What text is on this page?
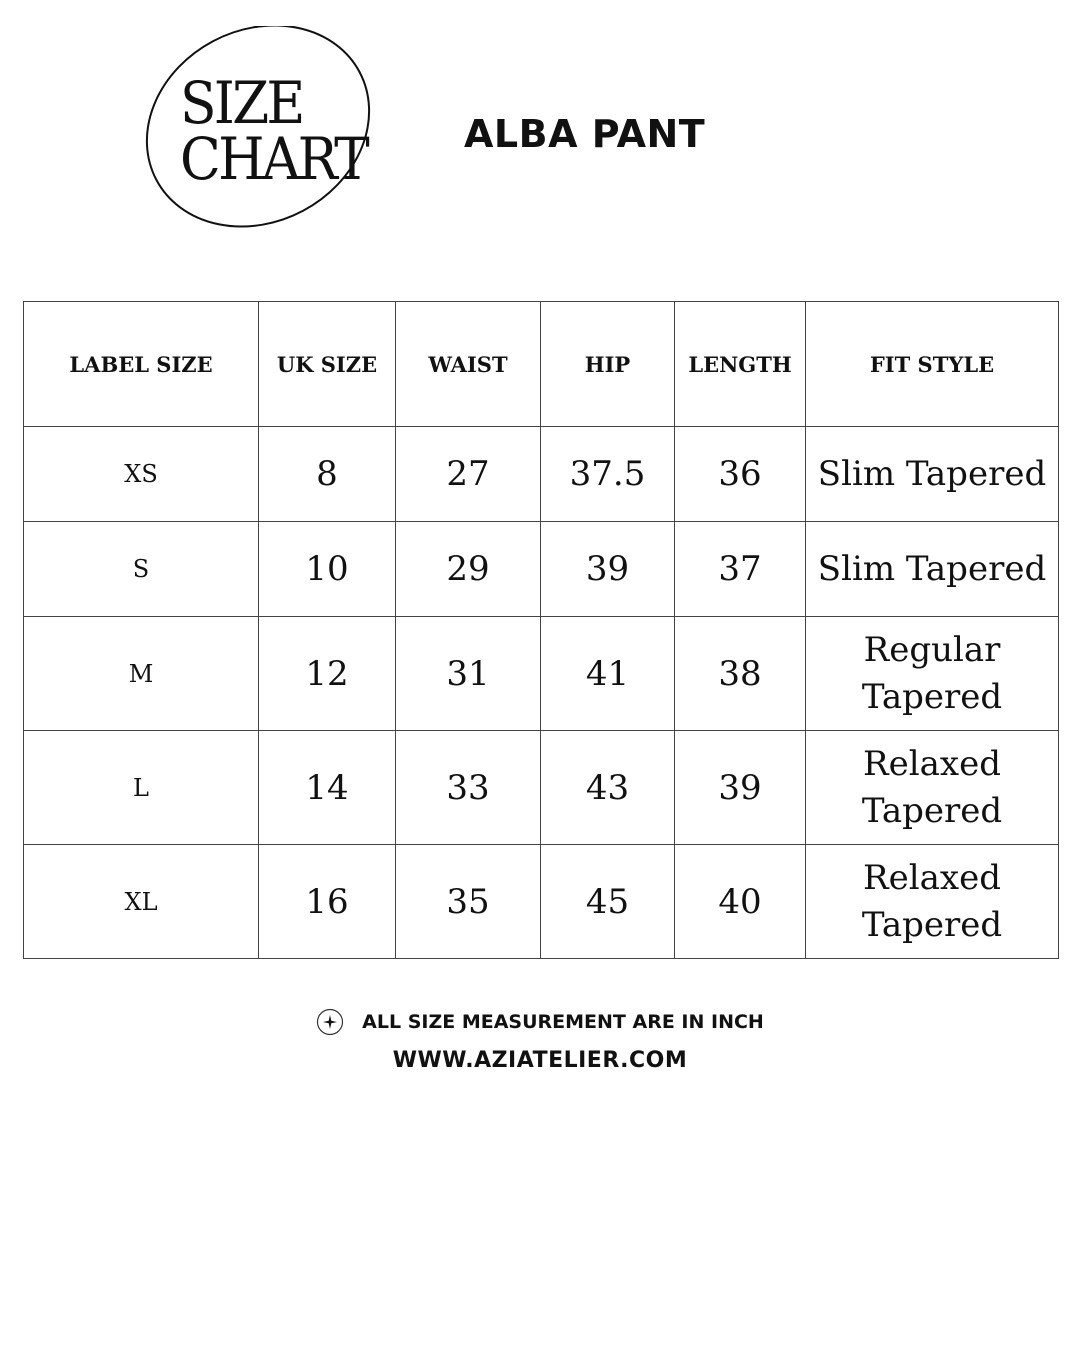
SIZE
CHART	ALBA PANT
LABEL SIZE	UK SIZE	WAIST	HIP	LENGTH	FIT STYLE
XS	8	27	37.5	36	Slim Tapered
S	10	29	39	37	Slim Tapered
M	12	31	41	38	Regular
Tapered
L	14	33	43	39	Relaxed
Tapered
XL	16	35	45	40	Relaxed
Tapered
ALL SIZE MEASUREMENT ARE IN INCH
WWW.AZIATELIER.COM
